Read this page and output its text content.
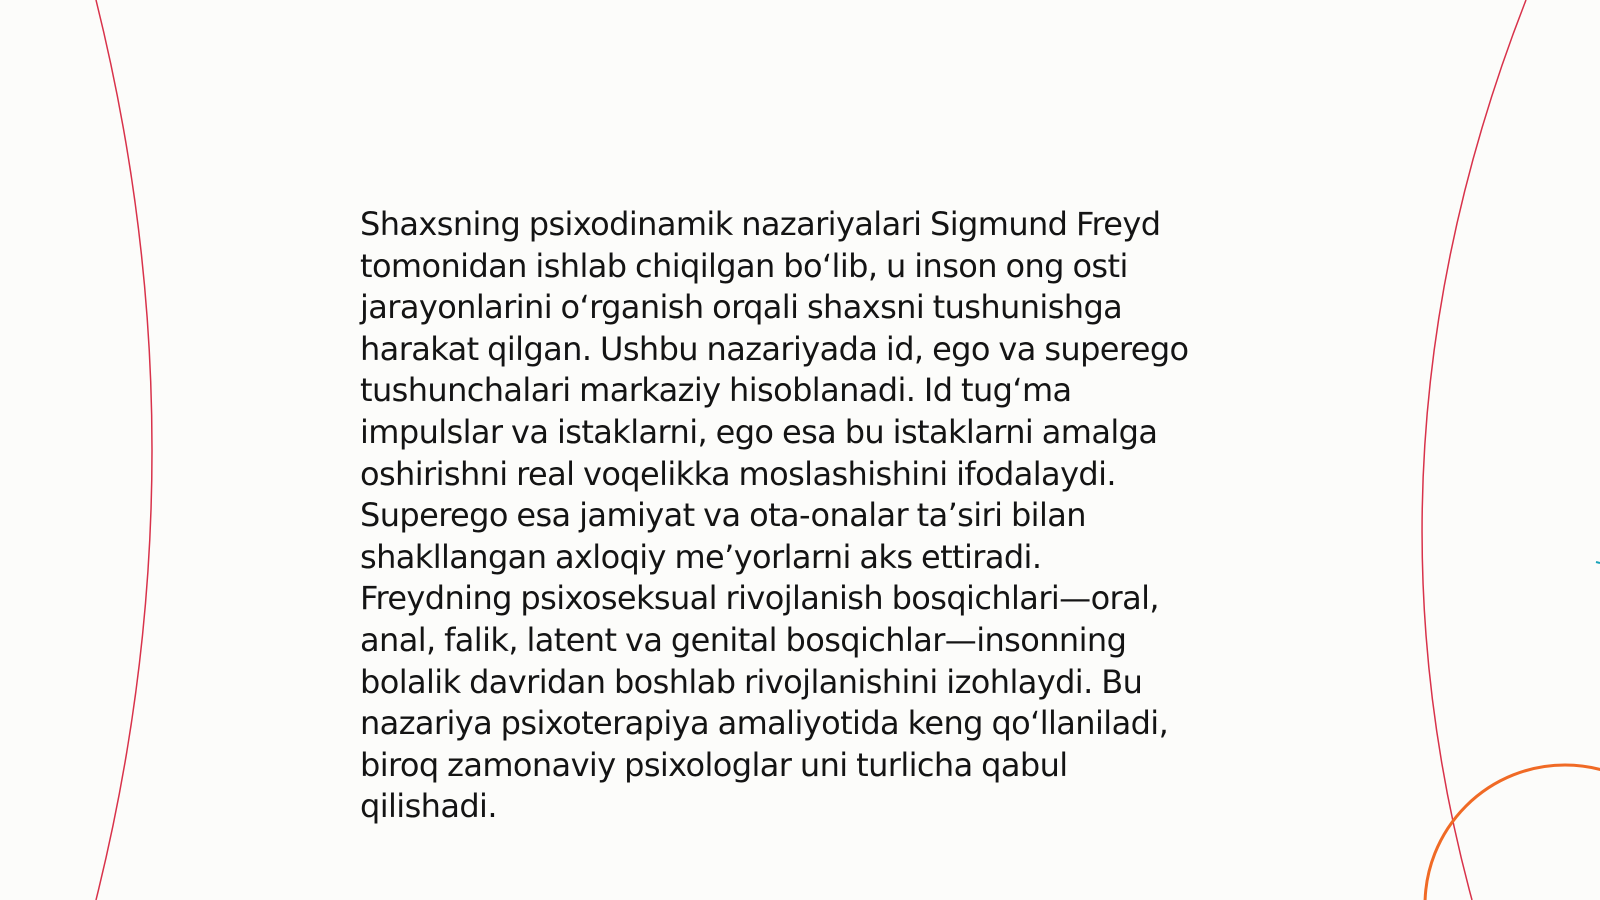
Shaxsning psixodinamik nazariyalari Sigmund Freyd
tomonidan ishlab chiqilgan bo‘lib, u inson ong osti
jarayonlarini o‘rganish orqali shaxsni tushunishga
harakat qilgan. Ushbu nazariyada id, ego va superego
tushunchalari markaziy hisoblanadi. Id tug‘ma
impulslar va istaklarni, ego esa bu istaklarni amalga
oshirishni real voqelikka moslashishini ifodalaydi.
Superego esa jamiyat va ota-onalar ta’siri bilan
shakllangan axloqiy me’yorlarni aks ettiradi.
Freydning psixoseksual rivojlanish bosqichlari—oral,
anal, falik, latent va genital bosqichlar—insonning
bolalik davridan boshlab rivojlanishini izohlaydi. Bu
nazariya psixoterapiya amaliyotida keng qo‘llaniladi,
biroq zamonaviy psixologlar uni turlicha qabul
qilishadi.
